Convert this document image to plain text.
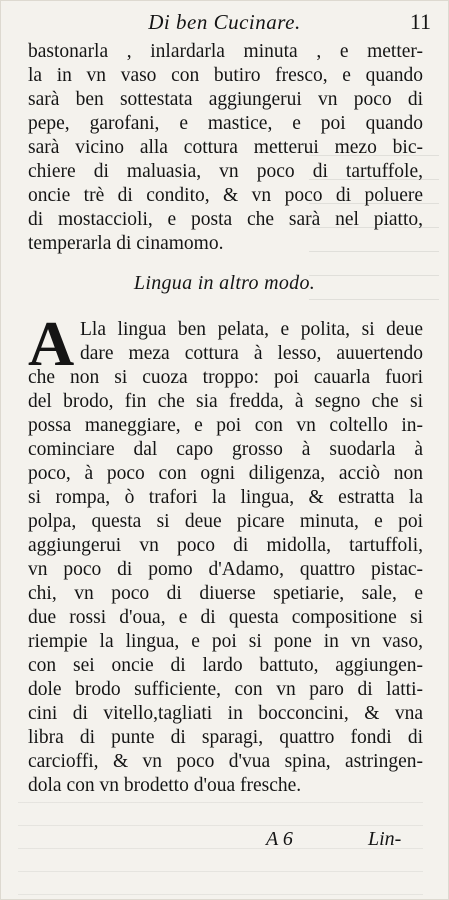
Di ben Cucinare.	11
bastonarla , inlardarla minuta , e metter-
la in vn vaso con butiro fresco, e quando
sarà ben sottestata aggiungerui vn poco di
pepe, garofani, e mastice, e poi quando
sarà vicino alla cottura metterui mezo bic-
chiere di maluasia, vn poco di tartuffole,
oncie trè di condito, & vn poco di poluere
di mostaccioli, e posta che sarà nel piatto,
temperarla di cinamomo.
Lingua in altro modo.
A Lla lingua ben pelata, e polita, si deue
dare meza cottura à lesso, auuertendo
che non si cuoza troppo: poi cauarla fuori
del brodo, fin che sia fredda, à segno che si
possa maneggiare, e poi con vn coltello in-
cominciare dal capo grosso à suodarla à
poco, à poco con ogni diligenza, acciò non
si rompa, ò trafori la lingua, & estratta la
polpa, questa si deue picare minuta, e poi
aggiungerui vn poco di midolla, tartuffoli,
vn poco di pomo d'Adamo, quattro pistac-
chi, vn poco di diuerse spetiarie, sale, e
due rossi d'oua, e di questa compositione si
riempie la lingua, e poi si pone in vn vaso,
con sei oncie di lardo battuto, aggiungen-
dole brodo sufficiente, con vn paro di latti-
cini di vitello,tagliati in bocconcini, & vna
libra di punte di sparagi, quattro fondi di
carcioffi, & vn poco d'vua spina, astringen-
dola con vn brodetto d'oua fresche.
A 6	Lin-
